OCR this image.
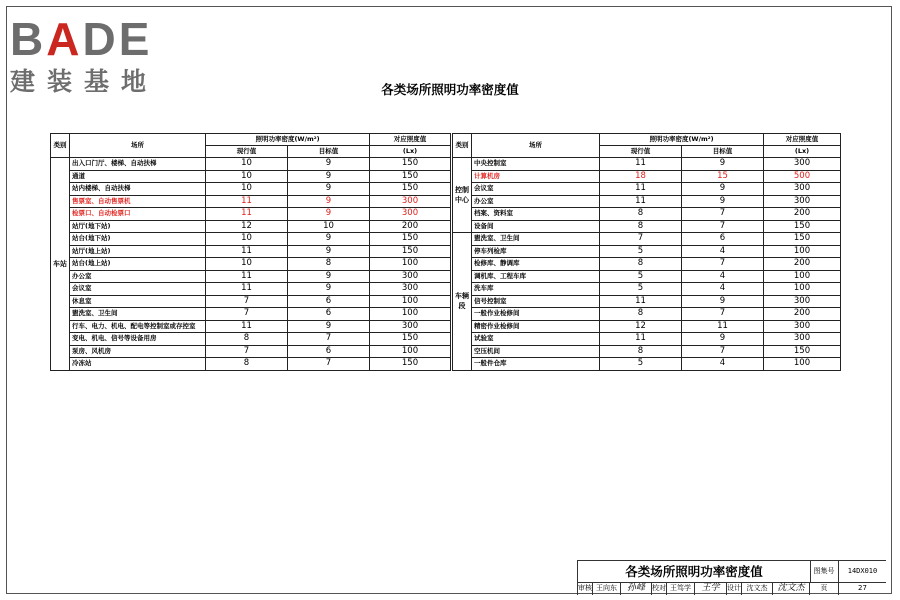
BADE
建装基地	各类场所照明功率密度值
类别	场所	照明功率密度(W/m²)		对应照度值
		现行值	目标值	(Lx)
车站	出入口门厅、楼梯、自动扶梯	10	9	150
	通道	10	9	150
	站内楼梯、自动扶梯	10	9	150
	售票室、自动售票机	11	9	300
	检票口、自动检票口	11	9	300
	站厅(地下站)	12	10	200
	站台(地下站)	10	9	150
	站厅(地上站)	11	9	150
	站台(地上站)	10	8	100
	办公室	11	9	300
	会议室	11	9	300
	休息室	7	6	100
	盥洗室、卫生间	7	6	100
	行车、电力、机电、配电等控制室或存控室	11	9	300
	变电、机电、信号等设备用房	8	7	150
	泵房、风机房	7	6	100
	冷冻站	8	7	150
类别	场所	照明功率密度(W/m²)		对应照度值
		现行值	目标值	(Lx)
控制中心	中央控制室	11	9	300
	计算机房	18	15	500
	会议室	11	9	300
	办公室	11	9	300
	档案、资料室	8	7	200
	设备间	8	7	150
车辆段	盥洗室、卫生间	7	6	150
	停车列检库	5	4	100
	检修库、静调库	8	7	200
	调机库、工程车库	5	4	100
	洗车库	5	4	100
	信号控制室	11	9	300
	一般作业检修间	8	7	200
	精密作业检修间	12	11	300
	试验室	11	9	300
	空压机间	8	7	150
	一般件仓库	5	4	100
各类场所照明功率密度值	图集号	14DX010
审核 王向东	孙峰	校对 王笃学	王学	设计 沈文杰	沈文杰	页	27
